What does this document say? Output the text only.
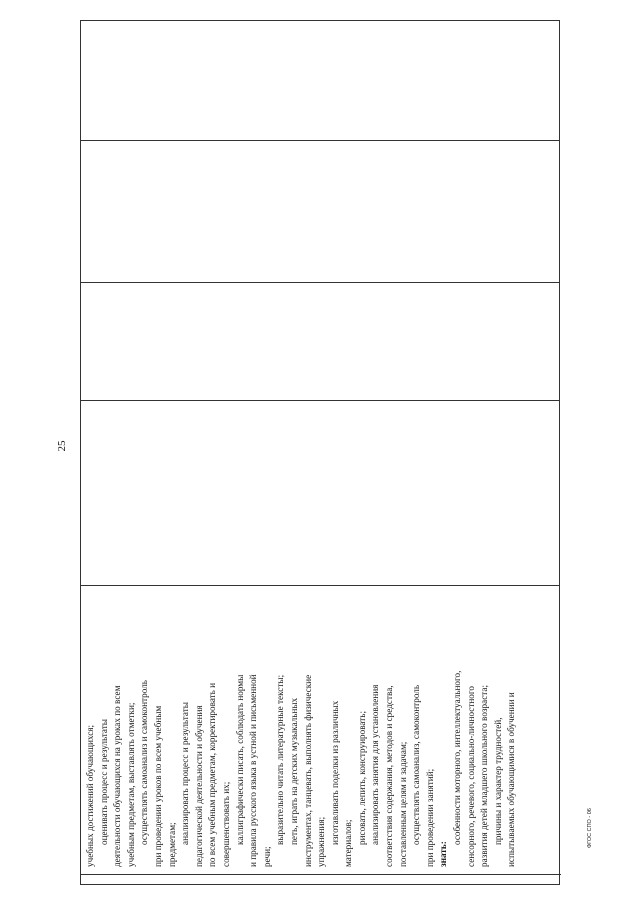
25
учебных достижений обучающихся; оценивать процесс и результаты деятельности обучающихся на уроках по всем учебным предметам, выставлять отметки; осуществлять самоанализ и самоконтроль при проведении уроков по всем учебным предметам; анализировать процесс и результаты педагогической деятельности и обучения по всем учебным предметам, корректировать и совершенствовать их; каллиграфически писать, соблюдать нормы и правила русского языка в устной и письменной речи;
выразительно читать литературные тексты; петь, играть на детских музыкальных инструментах, танцевать, выполнять физические упражнения; изготавливать поделки из различных материалов; рисовать, лепить, конструировать; анализировать занятия для установления соответствия содержания, методов и средства, поставленным целям и задачам; осуществлять самоанализ, самоконтроль при проведении занятий; знать:
особенности моторного, интеллектуального, сенсорного, речевого, социально-личностного развития детей младшего школьного возраста; причины и характер трудностей, испытываемых обучающимися в обучении и	ФГОС СПО - 06
